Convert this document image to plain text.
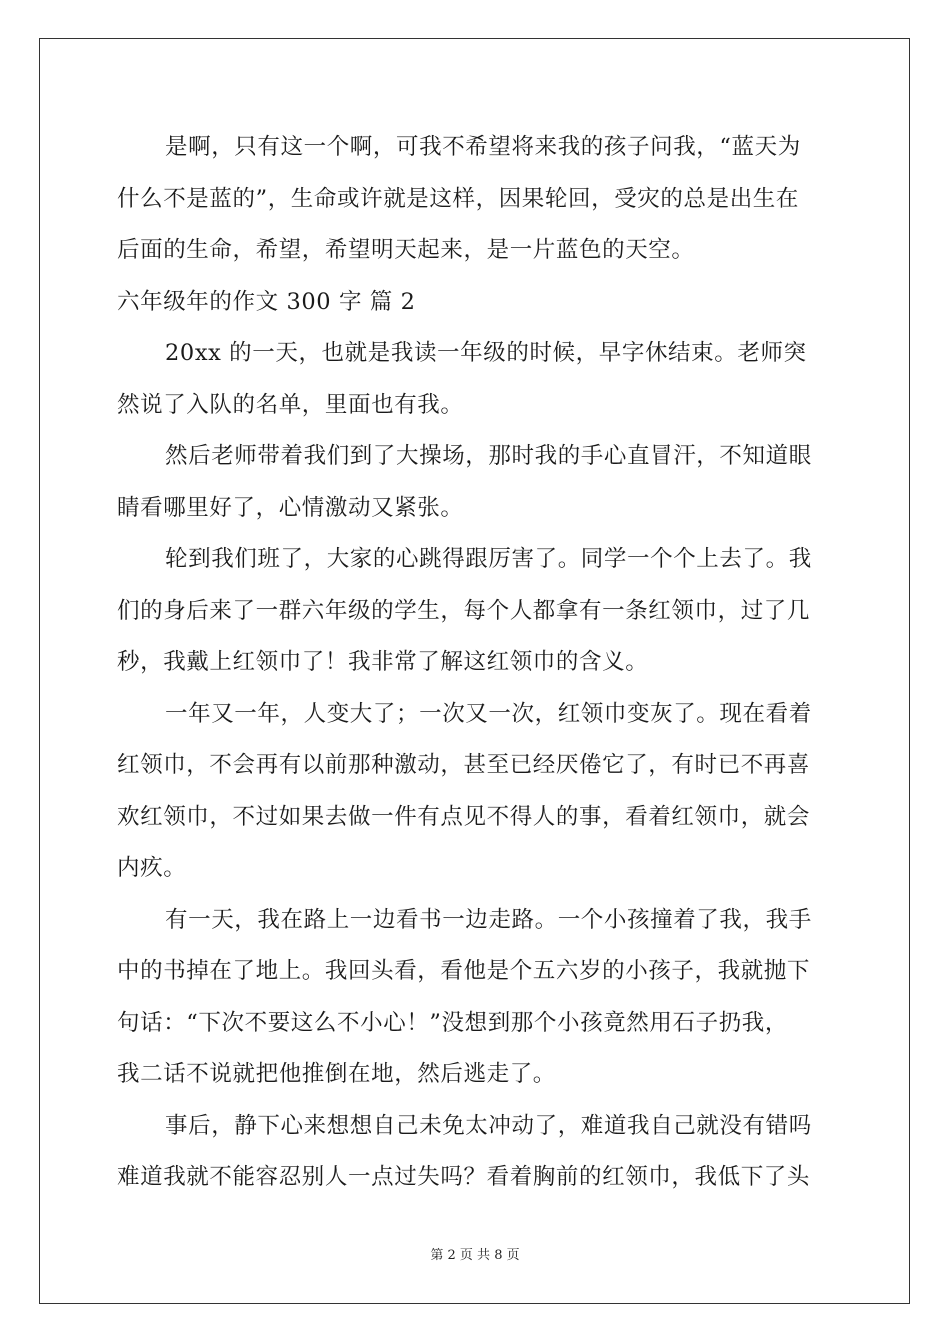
是啊，只有这一个啊，可我不希望将来我的孩子问我，“蓝天为
什么不是蓝的”，生命或许就是这样，因果轮回，受灾的总是出生在
后面的生命，希望，希望明天起来，是一片蓝色的天空。
六年级年的作文 300 字 篇 2
20xx 的一天，也就是我读一年级的时候，早字休结束。老师突
然说了入队的名单，里面也有我。
然后老师带着我们到了大操场，那时我的手心直冒汗，不知道眼
睛看哪里好了，心情激动又紧张。
轮到我们班了，大家的心跳得跟厉害了。同学一个个上去了。我
们的身后来了一群六年级的学生，每个人都拿有一条红领巾，过了几
秒，我戴上红领巾了！我非常了解这红领巾的含义。
一年又一年，人变大了；一次又一次，红领巾变灰了。现在看着
红领巾，不会再有以前那种激动，甚至已经厌倦它了，有时已不再喜
欢红领巾，不过如果去做一件有点见不得人的事，看着红领巾，就会
内疚。
有一天，我在路上一边看书一边走路。一个小孩撞着了我，我手
中的书掉在了地上。我回头看，看他是个五六岁的小孩子，我就抛下
句话：“下次不要这么不小心！”没想到那个小孩竟然用石子扔我，
我二话不说就把他推倒在地，然后逃走了。
事后，静下心来想想自己未免太冲动了，难道我自己就没有错吗
难道我就不能容忍别人一点过失吗？看着胸前的红领巾，我低下了头
第 2 页 共 8 页
